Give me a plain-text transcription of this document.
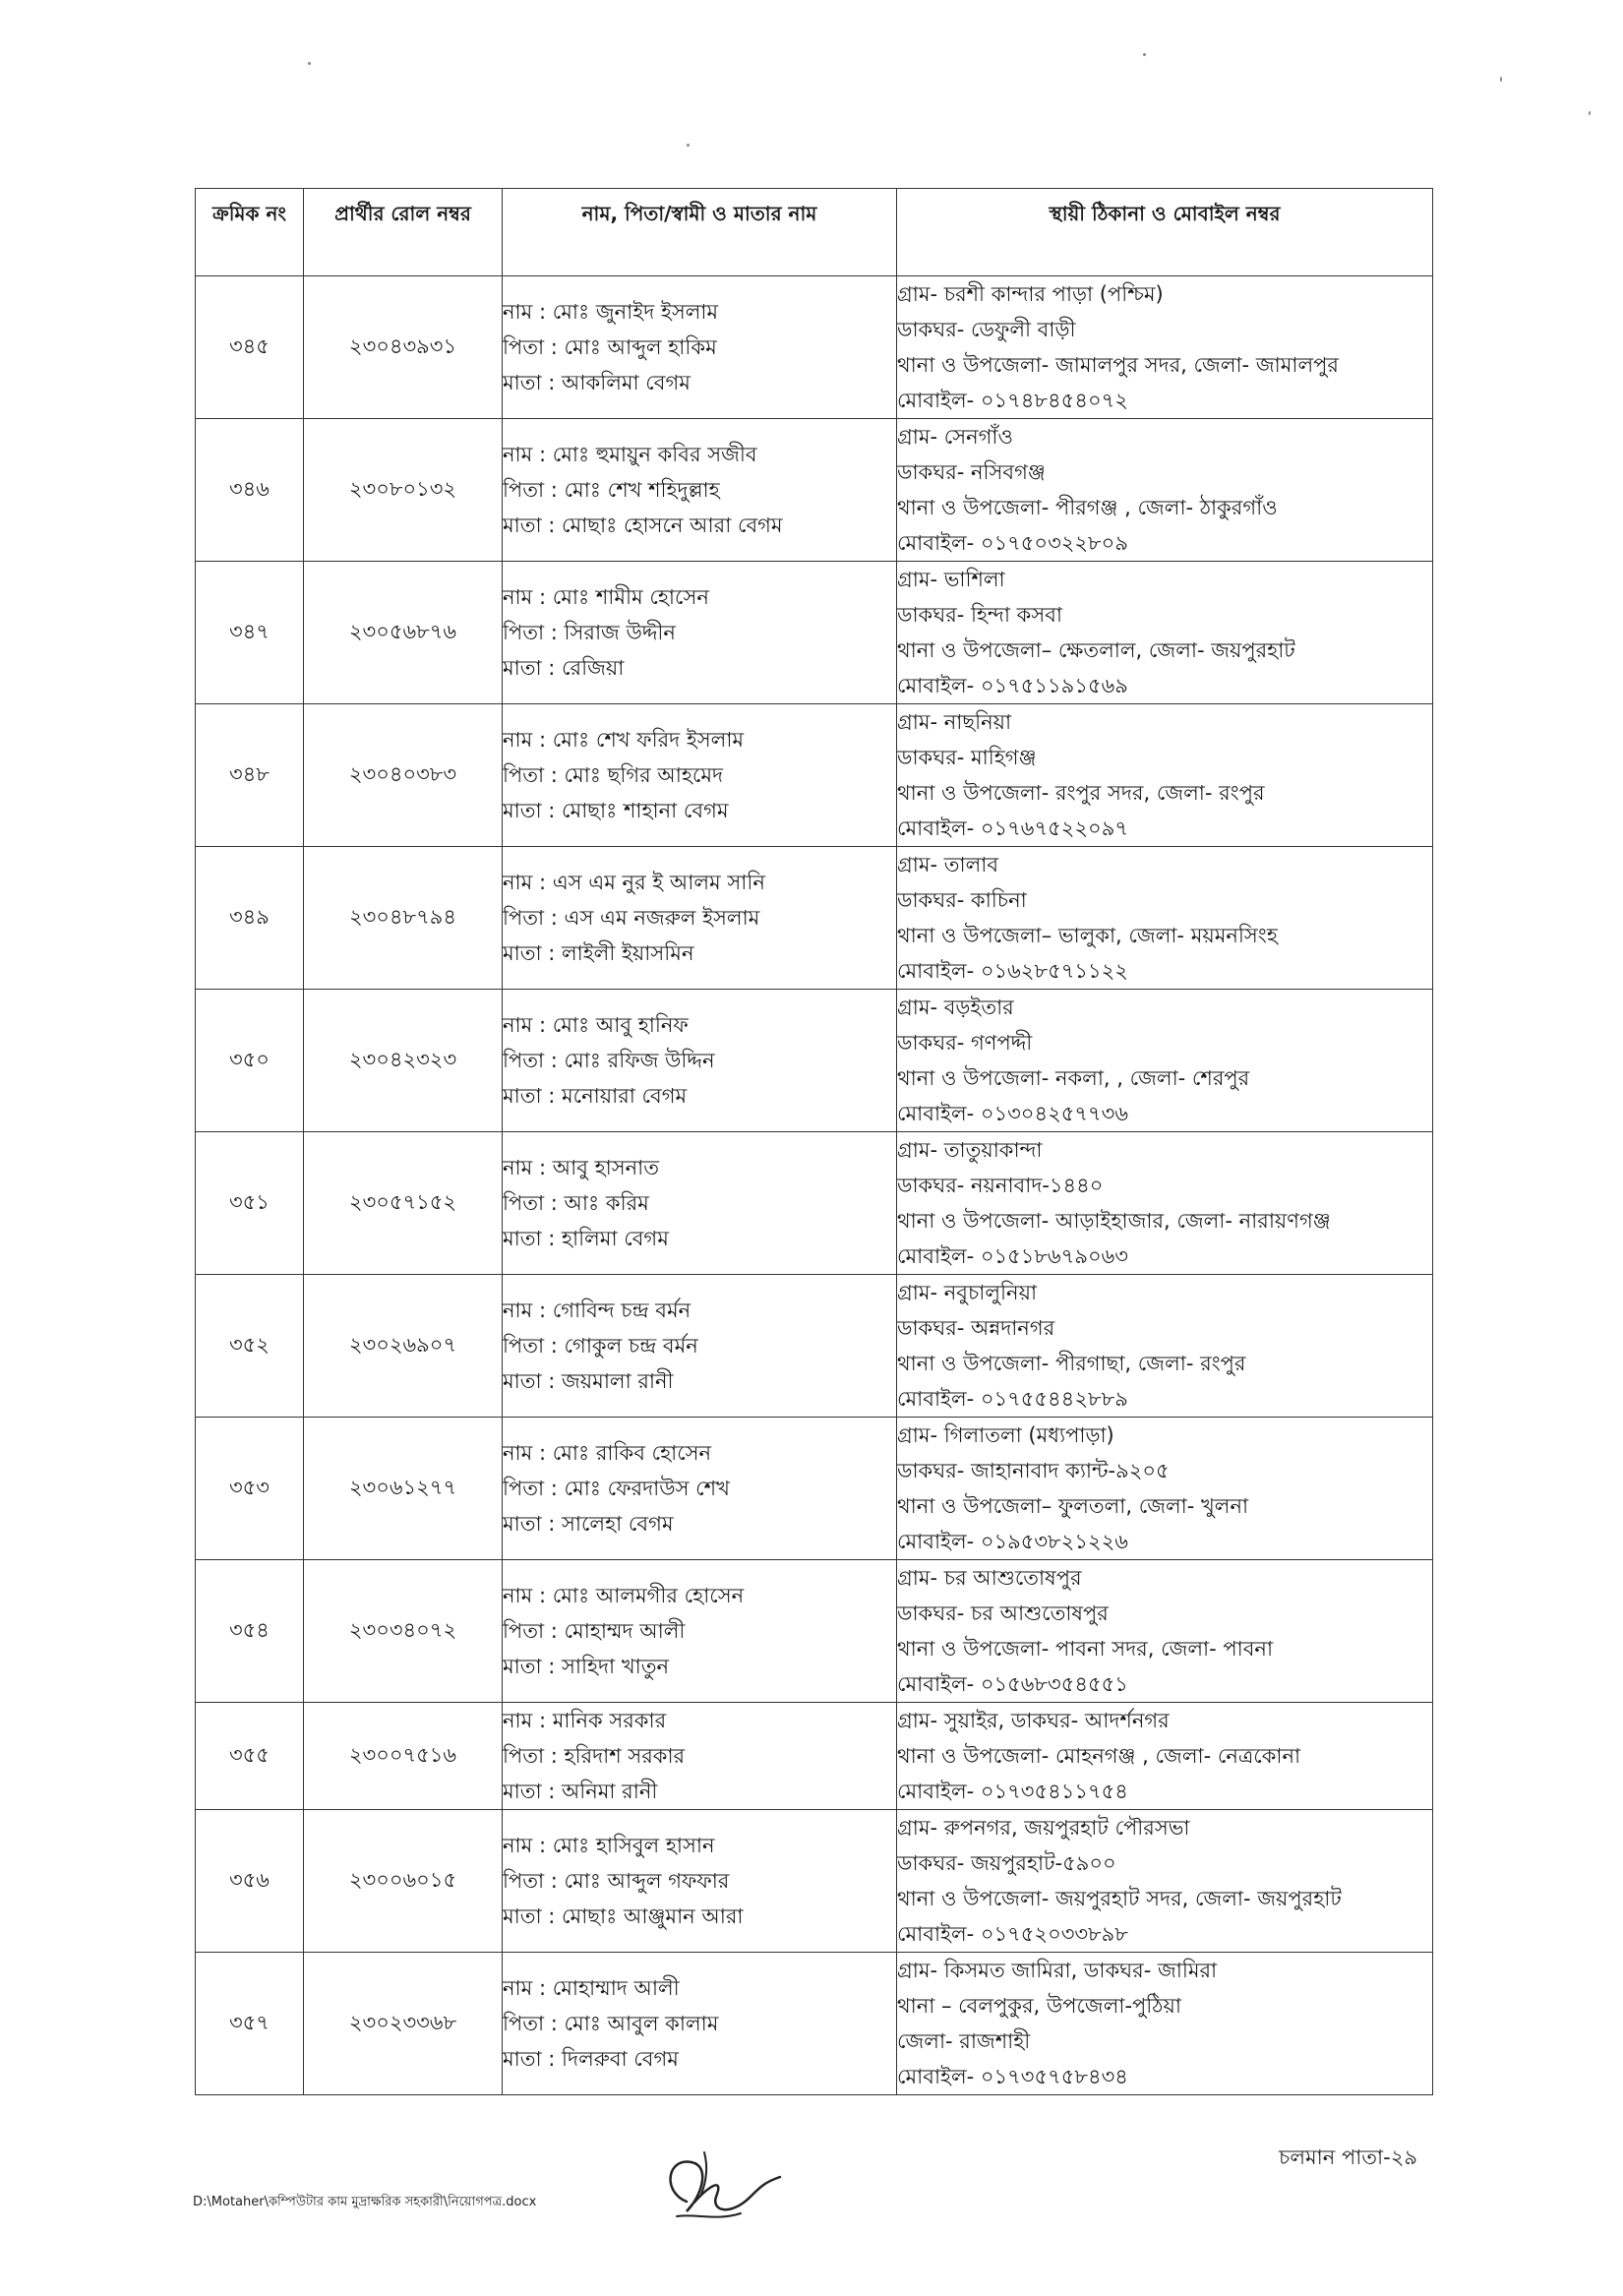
ক্রমিক নং	প্রার্থীর রোল নম্বর	নাম, পিতা/স্বামী ও মাতার নাম	স্থায়ী ঠিকানা ও মোবাইল নম্বর
৩৪৫	২৩০৪৩৯৩১	নাম : মোঃ জুনাইদ ইসলাম
পিতা : মোঃ আব্দুল হাকিম
মাতা : আকলিমা বেগম	গ্রাম- চরশী কান্দার পাড়া (পশ্চিম)
ডাকঘর- ডেফুলী বাড়ী
থানা ও উপজেলা- জামালপুর সদর, জেলা- জামালপুর
মোবাইল- ০১৭৪৮৪৫৪০৭২

৩৪৬	২৩০৮০১৩২	নাম : মোঃ হুমায়ুন কবির সজীব
পিতা : মোঃ শেখ শহিদুল্লাহ
মাতা : মোছাঃ হোসনে আরা বেগম	গ্রাম- সেনগাঁও
ডাকঘর- নসিবগঞ্জ
থানা ও উপজেলা- পীরগঞ্জ , জেলা- ঠাকুরগাঁও
মোবাইল- ০১৭৫০৩২২৮০৯

৩৪৭	২৩০৫৬৮৭৬	নাম : মোঃ শামীম হোসেন
পিতা : সিরাজ উদ্দীন
মাতা : রেজিয়া	গ্রাম- ভাশিলা
ডাকঘর- হিন্দা কসবা
থানা ও উপজেলা– ক্ষেতলাল, জেলা- জয়পুরহাট
মোবাইল- ০১৭৫১১৯১৫৬৯

৩৪৮	২৩০৪০৩৮৩	নাম : মোঃ শেখ ফরিদ ইসলাম
পিতা : মোঃ ছগির আহমেদ
মাতা : মোছাঃ শাহানা বেগম	গ্রাম- নাছনিয়া
ডাকঘর- মাহিগঞ্জ
থানা ও উপজেলা- রংপুর সদর, জেলা- রংপুর
মোবাইল- ০১৭৬৭৫২২০৯৭

৩৪৯	২৩০৪৮৭৯৪	নাম : এস এম নুর ই আলম সানি
পিতা : এস এম নজরুল ইসলাম
মাতা : লাইলী ইয়াসমিন	গ্রাম- তালাব
ডাকঘর- কাচিনা
থানা ও উপজেলা– ভালুকা, জেলা- ময়মনসিংহ
মোবাইল- ০১৬২৮৫৭১১২২

৩৫০	২৩০৪২৩২৩	নাম : মোঃ আবু হানিফ
পিতা : মোঃ রফিজ উদ্দিন
মাতা : মনোয়ারা বেগম	গ্রাম- বড়ইতার
ডাকঘর- গণপদ্দী
থানা ও উপজেলা- নকলা, , জেলা- শেরপুর
মোবাইল- ০১৩০৪২৫৭৭৩৬

৩৫১	২৩০৫৭১৫২	নাম : আবু হাসনাত
পিতা : আঃ করিম
মাতা : হালিমা বেগম	গ্রাম- তাতুয়াকান্দা
ডাকঘর- নয়নাবাদ-১৪৪০
থানা ও উপজেলা- আড়াইহাজার, জেলা- নারায়ণগঞ্জ
মোবাইল- ০১৫১৮৬৭৯০৬৩

৩৫২	২৩০২৬৯০৭	নাম : গোবিন্দ চন্দ্র বর্মন
পিতা : গোকুল চন্দ্র বর্মন
মাতা : জয়মালা রানী	গ্রাম- নবুচালুনিয়া
ডাকঘর- অন্নদানগর
থানা ও উপজেলা- পীরগাছা, জেলা- রংপুর
মোবাইল- ০১৭৫৫৪৪২৮৮৯

৩৫৩	২৩০৬১২৭৭	নাম : মোঃ রাকিব হোসেন
পিতা : মোঃ ফেরদাউস শেখ
মাতা : সালেহা বেগম	গ্রাম- গিলাতলা (মধ্যপাড়া)
ডাকঘর- জাহানাবাদ ক্যান্ট-৯২০৫
থানা ও উপজেলা– ফুলতলা, জেলা- খুলনা
মোবাইল- ০১৯৫৩৮২১২২৬

৩৫৪	২৩০৩৪০৭২	নাম : মোঃ আলমগীর হোসেন
পিতা : মোহাম্মদ আলী
মাতা : সাহিদা খাতুন	গ্রাম- চর আশুতোষপুর
ডাকঘর- চর আশুতোষপুর
থানা ও উপজেলা- পাবনা সদর, জেলা- পাবনা
মোবাইল- ০১৫৬৮৩৫৪৫৫১

৩৫৫	২৩০০৭৫১৬	নাম : মানিক সরকার
পিতা : হরিদাশ সরকার
মাতা : অনিমা রানী	গ্রাম- সুয়াইর, ডাকঘর- আদর্শনগর
থানা ও উপজেলা- মোহনগঞ্জ , জেলা- নেত্রকোনা
মোবাইল- ০১৭৩৫৪১১৭৫৪

৩৫৬	২৩০০৬০১৫	নাম : মোঃ হাসিবুল হাসান
পিতা : মোঃ আব্দুল গফফার
মাতা : মোছাঃ আঞ্জুমান আরা	গ্রাম- রুপনগর, জয়পুরহাট পৌরসভা
ডাকঘর- জয়পুরহাট-৫৯০০
থানা ও উপজেলা- জয়পুরহাট সদর, জেলা- জয়পুরহাট
মোবাইল- ০১৭৫২০৩৩৮৯৮

৩৫৭	২৩০২৩৩৬৮	নাম : মোহাম্মাদ আলী
পিতা : মোঃ আবুল কালাম
মাতা : দিলরুবা বেগম	গ্রাম- কিসমত জামিরা, ডাকঘর- জামিরা
থানা – বেলপুকুর, উপজেলা-পুঠিয়া
জেলা- রাজশাহী
মোবাইল- ০১৭৩৫৭৫৮৪৩৪
D:\Motaher\কম্পিউটার কাম মুদ্রাক্ষরিক সহকারী\নিয়োগপত্র.docx
চলমান পাতা-২৯
